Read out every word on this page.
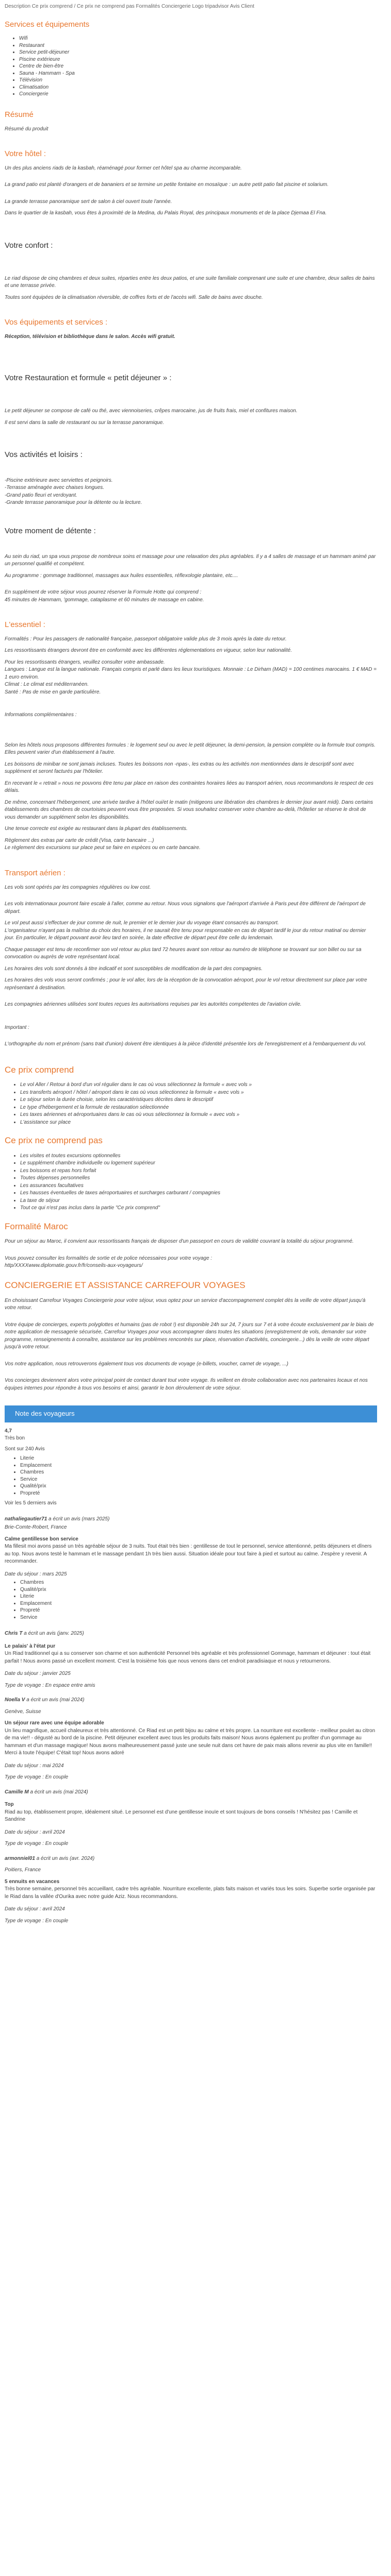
Description Ce prix comprend / Ce prix ne comprend pas Formalités Conciergerie Logo tripadvisor Avis Client
Services et équipements
• Wifi
• Restaurant
• Service petit-déjeuner
• Piscine extérieure
• Centre de bien-être
• Sauna - Hammam - Spa
• Télévision
• Climatisation
• Conciergerie
Résumé

Résumé du produit

Votre hôtel :

Un des plus anciens riads de la kasbah, réaménagé pour former cet hôtel spa au charme incomparable.

La grand patio est planté d'orangers et de bananiers et se termine un petite fontaine en mosaïque : un autre petit patio fait piscine et solarium.

La grande terrasse panoramique sert de salon à ciel ouvert toute l'année.

Dans le quartier de la kasbah, vous êtes à proximité de la Medina, du Palais Royal, des principaux monuments et de la place Djemaa El Fna.

Votre confort :

Le riad dispose de cinq chambres et deux suites, réparties entre les deux patios, et une suite familiale comprenant une suite et une chambre, deux salles de bains et une terrasse privée.

Toutes sont équipées de la climatisation réversible, de coffres forts et de l'accès wifi. Salle de bains avec douche.

Vos équipements et services :

Réception, télévision et bibliothèque dans le salon. Accès wifi gratuit.

Votre Restauration et formule « petit déjeuner » :

Le petit déjeuner se compose de café ou thé, avec viennoiseries, crêpes marocaine, jus de fruits frais, miel et confitures maison.

Il est servi dans la salle de restaurant ou sur la terrasse panoramique.

Vos activités et loisirs :

-Piscine extérieure avec serviettes et peignoirs.

-Terrasse aménagée avec chaises longues.

-Grand patio fleuri et verdoyant.

-Grande terrasse panoramique pour la détente ou la lecture.

Votre moment de détente :

Au sein du riad, un spa vous propose de nombreux soins et massage pour une relaxation des plus agréables. Il y a 4 salles de massage et un hammam animé par un personnel qualifié et compétent.

Au programme : gommage traditionnel, massages aux huiles essentielles, réflexologie plantaire, etc....

En supplément de votre séjour vous pourrez réserver la Formule Hotte qui comprend :

45 minutes de Hammam, 'gommage, cataplasme et 60 minutes de massage en cabine.

L'essentiel :

Formalités : Pour les passagers de nationalité française, passeport obligatoire valide plus de 3 mois après la date du retour.

Les ressortissants étrangers devront être en conformité avec les différentes réglementations en vigueur, selon leur nationalité.

Pour les ressortissants étrangers, veuillez consulter votre ambassade.

Langues : Langue est la langue nationale. Français compris et parlé dans les lieux touristiques. Monnaie : Le Dirham (MAD) = 100 centimes marocains. 1 € MAD = 1 euro environ.

Climat : Le climat est méditerranéen.

Santé : Pas de mise en garde particulière.

Informations complémentaires :

Selon les hôtels nous proposons différentes formules : le logement seul ou avec le petit déjeuner, la demi-pension, la pension complète ou la formule tout compris. Elles peuvent varier d'un établissement à l'autre.

Les boissons de minibar ne sont jamais incluses. Toutes les boissons non -npas-, les extras ou les activités non mentionnées dans le descriptif sont avec supplément et seront facturés par l'hôtelier.

En recevant le « retrait » nous ne pouvons être tenu par place en raison des contraintes horaires liées au transport aérien, nous recommandons le respect de ces délais.

De même, concernant l'hébergement, une arrivée tardive à l'hôtel oui/et le matin (mitigeons une libération des chambres le dernier jour avant midi). Dans certains établissements des chambres de courtoisies peuvent vous être proposées. Si vous souhaitez conserver votre chambre au-delà, l'hôtelier se réserve le droit de vous demander un supplément selon les disponibilités.

Une tenue correcte est exigée au restaurant dans la plupart des établissements.

Règlement des extras par carte de crédit (Visa, carte bancaire ...)

Le règlement des excursions sur place peut se faire en espèces ou en carte bancaire.

Transport aérien :

Les vols sont opérés par les compagnies régulières ou low cost.

Les vols internationaux pourront faire escale à l'aller, comme au retour. Nous vous signalons que l'aéroport d'arrivée à Paris peut être différent de l'aéroport de départ.

Le vol peut aussi s'effectuer de jour comme de nuit, le premier et le dernier jour du voyage étant consacrés au transport.

L'organisateur n'ayant pas la maîtrise du choix des horaires, il ne saurait être tenu pour responsable en cas de départ tardif le jour du retour matinal ou dernier jour. En particulier, le départ pouvant avoir lieu tard en soirée, la date effective de départ peut être celle du lendemain.

Chaque passager est tenu de reconfirmer son vol retour au plus tard 72 heures avant son retour au numéro de téléphone se trouvant sur son billet ou sur sa convocation ou auprès de votre représentant local.

Les horaires des vols sont donnés à titre indicatif et sont susceptibles de modification de la part des compagnies.

Les horaires des vols vous seront confirmés ; pour le vol aller, lors de la réception de la convocation aéroport, pour le vol retour directement sur place par votre représentant à destination.

Les compagnies aériennes utilisées sont toutes reçues les autorisations requises par les autorités compétentes de l'aviation civile.

Important :

L'orthographe du nom et prénom (sans trait d'union) doivent être identiques à la pièce d'identité présentée lors de l'enregistrement et à l'embarquement du vol.

Ce prix comprend
• Le vol Aller / Retour à bord d'un vol régulier dans le cas où vous sélectionnez la formule « avec vols »
• Les transferts aéroport / hôtel / aéroport dans le cas où vous sélectionnez la formule « avec vols »
• Le séjour selon la durée choisie, selon les caractéristiques décrites dans le descriptif
• Le type d'hébergement et la formule de restauration sélectionnée
• Les taxes aériennes et aéroportuaires dans le cas où vous sélectionnez la formule « avec vols »
• L'assistance sur place
Ce prix ne comprend pas
• Les visites et toutes excursions optionnelles
• Le supplément chambre individuelle ou logement supérieur
• Les boissons et repas hors forfait
• Toutes dépenses personnelles
• Les assurances facultatives
• Les hausses éventuelles de taxes aéroportuaires et surcharges carburant / compagnies
• La taxe de séjour
• Tout ce qui n'est pas inclus dans la partie "Ce prix comprend"
Formalité Maroc

Pour un séjour au Maroc, il convient aux ressortissants français de disposer d'un passeport en cours de validité couvrant la totalité du séjour programmé.

Vous pouvez consulter les formalités de sortie et de police nécessaires pour votre voyage :

http/XXXXwww.diplomatie.gouv.fr/fr/conseils-aux-voyageurs/

CONCIERGERIE ET ASSISTANCE CARREFOUR VOYAGES

En choisissant Carrefour Voyages Conciergerie pour votre séjour, vous optez pour un service d'accompagnement complet dès la veille de votre départ jusqu'à votre retour.

Votre équipe de concierges, experts polyglottes et humains (pas de robot !) est disponible 24h sur 24, 7 jours sur 7 et à votre écoute exclusivement par le biais de notre application de messagerie sécurisée, Carrefour Voyages pour vous accompagner dans toutes les situations (enregistrement de vols, demander sur votre programme, renseignements à connaître, assistance sur les problèmes rencontrés sur place, réservation d'activités, conciergerie...) dès la veille de votre départ jusqu'à votre retour.

Vos notre application, nous retrouverons également tous vos documents de voyage (e-billets, voucher, carnet de voyage, ...)

Vos concierges deviennent alors votre principal point de contact durant tout votre voyage. Ils veillent en étroite collaboration avec nos partenaires locaux et nos équipes internes pour répondre à tous vos besoins et ainsi, garantir le bon déroulement de votre séjour.

Note des voyageurs

4,7

Très bon

Sont sur 240 Avis

• Literie
• Emplacement
• Chambres
• Service
• Qualité/prix
• Propreté

Voir les 5 derniers avis

nathaliegautier71 a écrit un avis (mars 2025)

Brie-Comte-Robert, France

Calme gentillesse bon service

Ma fillesit moi avons passé un très agréable séjour de 3 nuits. Tout était très bien : gentillesse de tout le personnel, service attentionné, petits déjeuners et dîners au top. Nous avons testé le hammam et le massage pendant 1h très bien aussi. Situation idéale pour tout faire à pied et surtout au calme. J'espère y revenir. A recommander.

Date du séjour : mars 2025

• Chambres
• Qualité/prix
• Literie
• Emplacement
• Propreté
• Service

Chris T a écrit un avis (janv. 2025)

Le palais' à l'état pur

Un Riad traditionnel qui a su conserver son charme et son authenticité Personnel très agréable et très professionnel Gommage, hammam et déjeuner : tout était parfait ! Nous avons passé un excellent moment. C'est la troisième fois que nous venons dans cet endroit paradisiaque et nous y retournerons.

Date du séjour : janvier 2025

Type de voyage : En espace entre amis

Noella V a écrit un avis (mai 2024)

Genève, Suisse

Un séjour rare avec une équipe adorable

Un lieu magnifique, accueil chaleureux et très attentionné. Ce Riad est un petit bijou au calme et très propre. La nourriture est excellente - meilleur poulet au citron de ma vie!! - dégusté au bord de la piscine. Petit déjeuner excellent avec tous les produits faits maison! Nous avons également pu profiter d'un gommage au hammam et d'un massage magique! Nous avons malheureusement passé juste une seule nuit dans cet havre de paix mais allons revenir au plus vite en famille!! Merci à toute l'équipe! C'était top! Nous avons adoré

Date du séjour : mai 2024

Type de voyage : En couple

Camille M a écrit un avis (mai 2024)

Top

Riad au top, établissement propre, idéalement situé. Le personnel est d'une gentillesse inouïe et sont toujours de bons conseils ! N'hésitez pas ! Camille et Sandrine

Date du séjour : avril 2024

Type de voyage : En couple

armonniel01 a écrit un avis (avr. 2024)

Poitiers, France

5 ennuits en vacances

Très bonne semaine, personnel très accueillant, cadre très agréable. Nourriture excellente, plats faits maison et variés tous les soirs. Superbe sortie organisée par le Riad dans la vallée d'Ourika avec notre guide Aziz. Nous recommandons.

Date du séjour : avril 2024

Type de voyage : En couple
